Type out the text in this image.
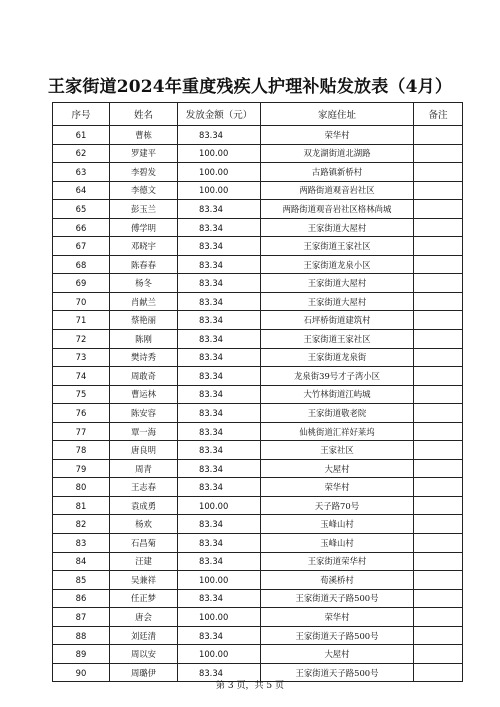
王家街道2024年重度残疾人护理补贴发放表（4月）
序号	姓名	发放金额（元）	家庭住址	备注
61	曹栋	83.34	荣华村	
62	罗建平	100.00	双龙湖街道北湖路	
63	李碧发	100.00	古路镇新桥村	
64	李德文	100.00	两路街道观音岩社区	
65	彭玉兰	83.34	两路街道观音岩社区格林尚城	
66	傅学明	83.34	王家街道大屋村	
67	邓晓宇	83.34	王家街道王家社区	
68	陈春春	83.34	王家街道龙泉小区	
69	杨冬	83.34	王家街道大屋村	
70	肖献兰	83.34	王家街道大屋村	
71	蔡艳丽	83.34	石坪桥街道建筑村	
72	陈刚	83.34	王家街道王家社区	
73	樊诗秀	83.34	王家街道龙泉街	
74	周敢奇	83.34	龙泉街39号才子湾小区	
75	曹运林	83.34	大竹林街道江屿城	
76	陈安容	83.34	王家街道敬老院	
77	覃一海	83.34	仙桃街道汇祥好莱坞	
78	唐良明	83.34	王家社区	
79	周青	83.34	大屋村	
80	王志春	83.34	荣华村	
81	袁成勇	100.00	天子路70号	
82	杨欢	83.34	玉峰山村	
83	石昌菊	83.34	玉峰山村	
84	汪建	83.34	王家街道荣华村	
85	吴兼祥	100.00	荀溪桥村	
86	任正梦	83.34	王家街道天子路500号	
87	唐会	100.00	荣华村	
88	刘廷清	83.34	王家街道天子路500号	
89	周以安	100.00	大屋村	
90	周璐伊	83.34	王家街道天子路500号	
第 3 页，共 5 页
